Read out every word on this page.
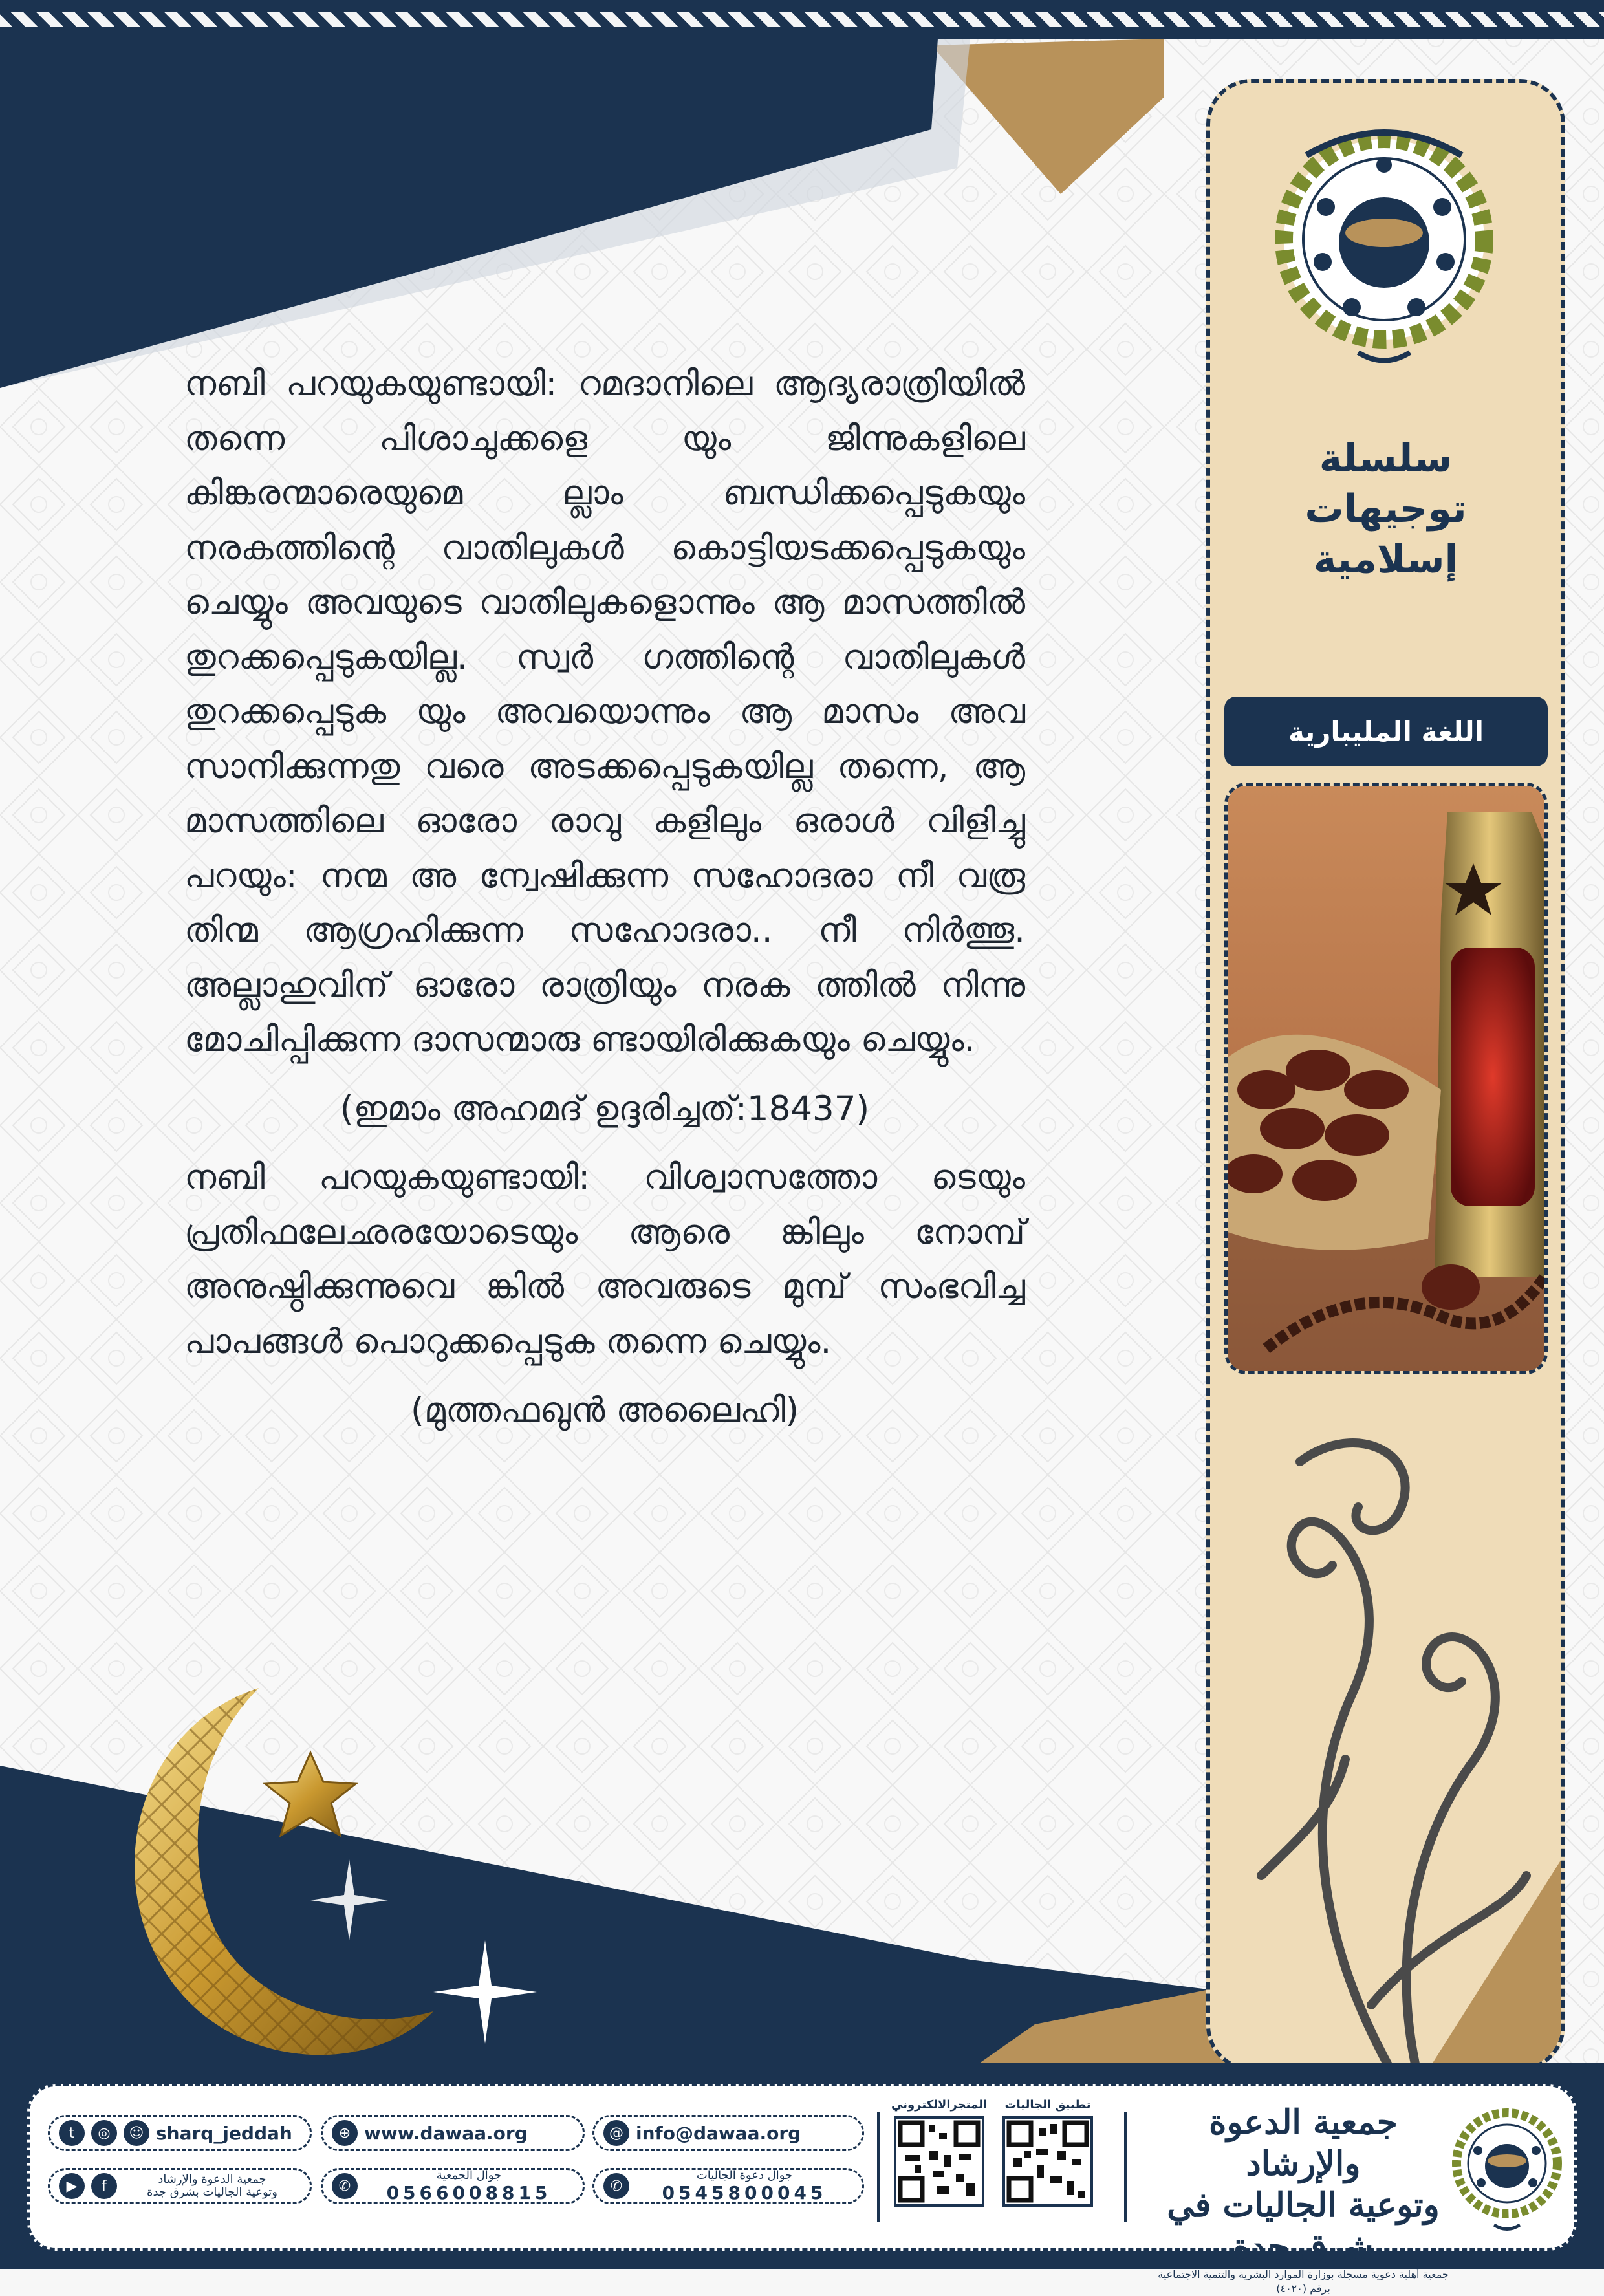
سلسلة
توجيهات
إسلامية
اللغة المليبارية

നബി പറയുകയുണ്ടായി: റമദാനിലെ ആദ്യരാത്രിയിൽ തന്നെ പിശാചുക്കളെ യും ജിന്നുകളിലെ കിങ്കരന്മാരെയുമെ ല്ലാം ബന്ധിക്കപ്പെടുകയും നരകത്തിന്റെ വാതിലുകൾ കൊട്ടിയടക്കപ്പെടുകയും ചെയ്യും അവയുടെ വാതിലുകളൊന്നും ആ മാസത്തിൽ തുറക്കപ്പെടുകയില്ല. സ്വർ ഗത്തിന്റെ വാതിലുകൾ തുറക്കപ്പെടുക യും അവയൊന്നും ആ മാസം അവ സാനിക്കുന്നതു വരെ അടക്കപ്പെടുകയില്ല തന്നെ, ആ മാസത്തിലെ ഓരോ രാവു കളിലും ഒരാൾ വിളിച്ചു പറയും: നന്മ അ ന്വേഷിക്കുന്ന സഹോദരാ നീ വരൂ തിന്മ ആഗ്രഹിക്കുന്ന സഹോദരാ.. നീ നിർത്തൂ. അല്ലാഹുവിന് ഓരോ രാത്രിയും നരക ത്തിൽ നിന്നു മോചിപ്പിക്കുന്ന ദാസന്മാരു ണ്ടായിരിക്കുകയും ചെയ്യും.

(ഇമാം അഹമദ് ഉദ്ദരിച്ചത്:18437)

നബി പറയുകയുണ്ടായി: വിശ്വാസത്തോ ടെയും പ്രതിഫലേഛരയോടെയും ആരെ ങ്കിലും നോമ്പ് അനുഷ്ഠിക്കുന്നുവെ ങ്കിൽ അവരുടെ മുമ്പ് സംഭവിച്ച പാപങ്ങൾ പൊറുക്കപ്പെടുക തന്നെ ചെയ്യും.

(മുത്തഫഖുൻ അലൈഹി)

t	◎	☺ sharq_jeddah	⊕ www.dawaa.org	@ info@dawaa.org
▶	f	جمعية الدعوة والإرشاد
وتوعية الجاليات بشرق جدة	✆
جوال الجمعية
0566008815	✆
جوال دعوة الجاليات
0545800045
المتجرالالكتروني	تطبيق الجاليات	جمعية الدعوة والإرشاد
وتوعية الجاليات في شرق جدة
جمعية أهلية دعوية مسجلة بوزارة الموارد البشرية والتنمية الاجتماعية برقم (٤٠٢٠)
